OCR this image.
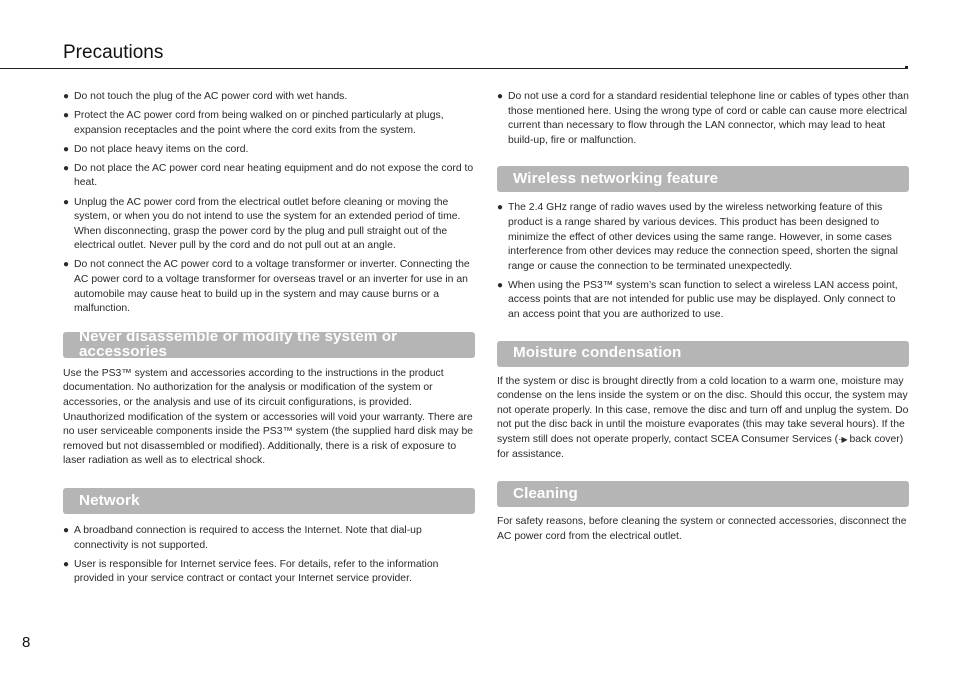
Precautions
● Do not touch the plug of the AC power cord with wet hands.
● Protect the AC power cord from being walked on or pinched particularly at plugs, expansion receptacles and the point where the cord exits from the system.
● Do not place heavy items on the cord.
● Do not place the AC power cord near heating equipment and do not expose the cord to heat.
● Unplug the AC power cord from the electrical outlet before cleaning or moving the system, or when you do not intend to use the system for an extended period of time. When disconnecting, grasp the power cord by the plug and pull straight out of the electrical outlet. Never pull by the cord and do not pull out at an angle.
● Do not connect the AC power cord to a voltage transformer or inverter. Connecting the AC power cord to a voltage transformer for overseas travel or an inverter for use in an automobile may cause heat to build up in the system and may cause burns or a malfunction.
Never disassemble or modify the system or accessories

Use the PS3™ system and accessories according to the instructions in the product documentation. No authorization for the analysis or modification of the system or accessories, or the analysis and use of its circuit configurations, is provided. Unauthorized modification of the system or accessories will void your warranty. There are no user serviceable components inside the PS3™ system (the supplied hard disk may be removed but not disassembled or modified). Additionally, there is a risk of exposure to laser radiation as well as to electrical shock.

Network
● A broadband connection is required to access the Internet. Note that dial-up connectivity is not supported.
● User is responsible for Internet service fees. For details, refer to the information provided in your service contract or contact your Internet service provider.
● Do not use a cord for a standard residential telephone line or cables of types other than those mentioned here. Using the wrong type of cord or cable can cause more electrical current than necessary to flow through the LAN connector, which may lead to heat build-up, fire or malfunction.
Wireless networking feature
● The 2.4 GHz range of radio waves used by the wireless networking feature of this product is a range shared by various devices. This product has been designed to minimize the effect of other devices using the same range. However, in some cases interference from other devices may reduce the connection speed, shorten the signal range or cause the connection to be terminated unexpectedly.
● When using the PS3™ system’s scan function to select a wireless LAN access point, access points that are not intended for public use may be displayed. Only connect to an access point that you are authorized to use.
Moisture condensation

If the system or disc is brought directly from a cold location to a warm one, moisture may condense on the lens inside the system or on the disc. Should this occur, the system may not operate properly. In this case, remove the disc and turn off and unplug the system. Do not put the disc back in until the moisture evaporates (this may take several hours). If the system still does not operate properly, contact SCEA Consumer Services (··▶ back cover) for assistance.

Cleaning

For safety reasons, before cleaning the system or connected accessories, disconnect the AC power cord from the electrical outlet.

8
